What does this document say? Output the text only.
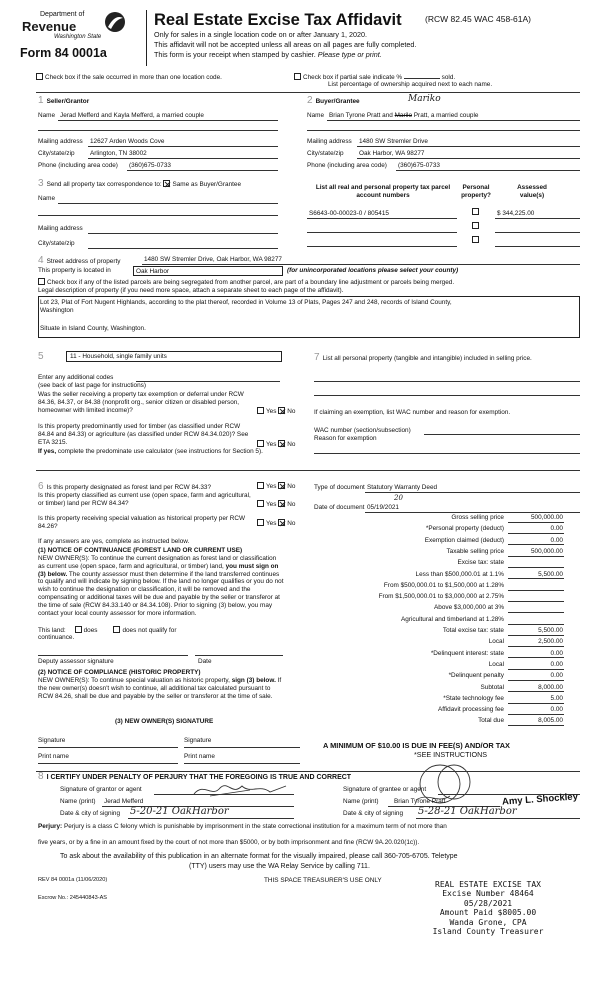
Department of
Revenue
Washington State
Form 84 0001a
Real Estate Excise Tax Affidavit	(RCW 82.45 WAC 458-61A)
Only for sales in a single location code on or after January 1, 2020.
This affidavit will not be accepted unless all areas on all pages are fully completed.
This form is your receipt when stamped by cashier. Please type or print.
Check box if the sale occurred in more than one location code.	Check box if partial sale indicate %	sold.
List percentage of ownership acquired next to each name.
1 Seller/Grantor
Name Jerad Mefferd and Kayla Mefferd, a married couple
Mailing address 12627 Arden Woods Cove
City/state/zip Arlington, TN 38002
Phone (including area code) (360)675-0733
2 Buyer/Grantee	Mariko
Name Brian Tyrone Pratt and Marilo Pratt, a married couple
Mailing address 1480 SW Stremler Drive
City/state/zip Oak Harbor, WA 98277
Phone (including area code) (360)675-0733
3 Send all property tax correspondence to: Same as Buyer/Grantee
Name
Mailing address
City/state/zip
List all real and personal property tax parcel account numbers
Personal property?
Assessed value(s)
S6643-00-00023-0 / 805415	$ 344,225.00
4 Street address of property	1480 SW Stremler Drive, Oak Harbor, WA 98277
This property is located in	Oak Harbor	(for unincorporated locations please select your county)
Check box if any of the listed parcels are being segregated from another parcel, are part of a boundary line adjustment or parcels being merged.
Legal description of property (if you need more space, attach a separate sheet to each page of the affidavit).
Lot 23, Plat of Fort Nugent Highlands, according to the plat thereof, recorded in Volume 13 of Plats, Pages 247 and 248, records of Island County,
Washington
Situate in Island County, Washington.
5	11 - Household, single family units
Enter any additional codes
(see back of last page for instructions)
Was the seller receiving a property tax exemption or deferral under RCW 84.36, 84.37, or 84.38 (nonprofit org., senior citizen or disabled person, homeowner with limited income)?	Yes No
Is this property predominantly used for timber (as classified under RCW 84.84 and 84.33) or agriculture (as classified under RCW 84.34.020)? See ETA 3215.	Yes No
If yes, complete the predominate use calculator (see instructions for Section 5).
7 List all personal property (tangible and intangible) included in selling price.
If claiming an exemption, list WAC number and reason for exemption.
WAC number (section/subsection)
Reason for exemption
6 Is this property designated as forest land per RCW 84.33?	Yes No
Is this property classified as current use (open space, farm and agricultural, or timber) land per RCW 84.34?	Yes No
Is this property receiving special valuation as historical property per RCW 84.26?	Yes No
If any answers are yes, complete as instructed below.
(1) NOTICE OF CONTINUANCE (FOREST LAND OR CURRENT USE)
NEW OWNER(S): To continue the current designation as forest land or classification as current use (open space, farm and agricultural, or timber) land, you must sign on (3) below. The county assessor must then determine if the land transferred continues to qualify and will indicate by signing below. If the land no longer qualifies or you do not wish to continue the designation or classification, it will be removed and the compensating or additional taxes will be due and payable by the seller or transferor at the time of sale (RCW 84.33.140 or 84.34.108). Prior to signing (3) below, you may contact your local county assessor for more information.
This land:	does	does not qualify for
continuance.
Deputy assessor signature	Date
(2) NOTICE OF COMPLIANCE (HISTORIC PROPERTY)
NEW OWNER(S): To continue special valuation as historic property, sign (3) below. If the new owner(s) doesn't wish to continue, all additional tax calculated pursuant to RCW 84.26, shall be due and payable by the seller or transferor at the time of sale.
(3) NEW OWNER(S) SIGNATURE
Signature	Signature
Print name	Print name
Type of document Statutory Warranty Deed
Date of document 05/19/2021
20
Gross selling price	500,000.00
*Personal property (deduct)	0.00
Exemption claimed (deduct)	0.00
Taxable selling price	500,000.00
Excise tax: state

Less than $500,000.01 at 1.1%	5,500.00
From $500,000.01 to $1,500,000 at 1.28%

From $1,500,000.01 to $3,000,000 at 2.75%

Above $3,000,000 at 3%

Agricultural and timberland at 1.28%

Total excise tax: state	5,500.00
Local	2,500.00
*Delinquent interest: state	0.00
Local	0.00
*Delinquent penalty	0.00
Subtotal	8,000.00
*State technology fee	5.00
Affidavit processing fee	0.00
Total due	8,005.00
A MINIMUM OF $10.00 IS DUE IN FEE(S) AND/OR TAX
*SEE INSTRUCTIONS
8 I CERTIFY UNDER PENALTY OF PERJURY THAT THE FOREGOING IS TRUE AND CORRECT
Signature of grantor or agent
Name (print) Jerad Mefferd
Date & city of signing 5-20-21 OakHarbor
Signature of grantee or agent
Name (print) Brian Tyrone Pratt	Amy L. Shockley
Date & city of signing 5-28-21 OakHarbor
Perjury: Perjury is a class C felony which is punishable by imprisonment in the state correctional institution for a maximum term of not more than
five years, or by a fine in an amount fixed by the court of not more than $5000, or by both imprisonment and fine (RCW 9A.20.020(1c)).
To ask about the availability of this publication in an alternate format for the visually impaired, please call 360-705-6705. Teletype
(TTY) users may use the WA Relay Service by calling 711.
REV 84 0001a (11/06/2020)	THIS SPACE TREASURER'S USE ONLY
Escrow No.: 245440843-AS
REAL ESTATE EXCISE TAX
Excise Number 48464
05/28/2021
Amount Paid $8005.00
Wanda Grone, CPA
Island County Treasurer
